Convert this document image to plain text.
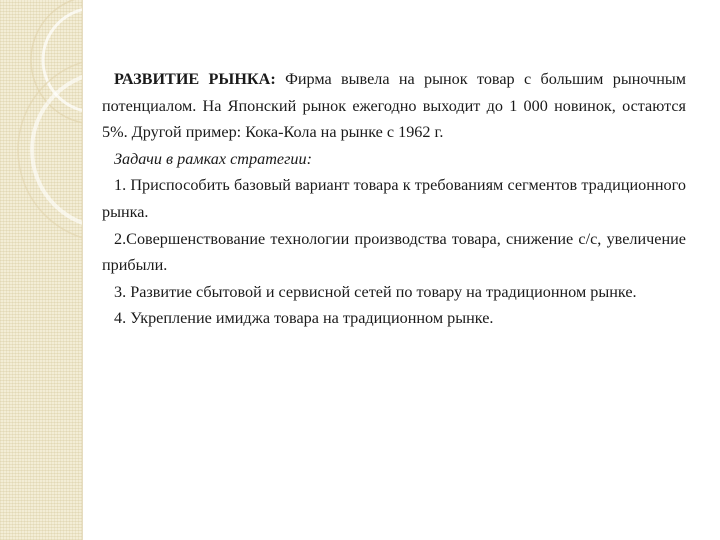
РАЗВИТИЕ РЫНКА: Фирма вывела на рынок товар с большим рыночным потенциалом. На Японский рынок ежегодно выходит до 1 000 новинок, остаются 5%. Другой пример: Кока-Кола на рынке с 1962 г.

Задачи в рамках стратегии:

1. Приспособить базовый вариант товара к требованиям сегментов традиционного рынка.

2.Совершенствование технологии производства товара, снижение с/с, увеличение прибыли.

3. Развитие сбытовой и сервисной сетей по товару на традиционном рынке.

4. Укрепление имиджа товара на традиционном рынке.
